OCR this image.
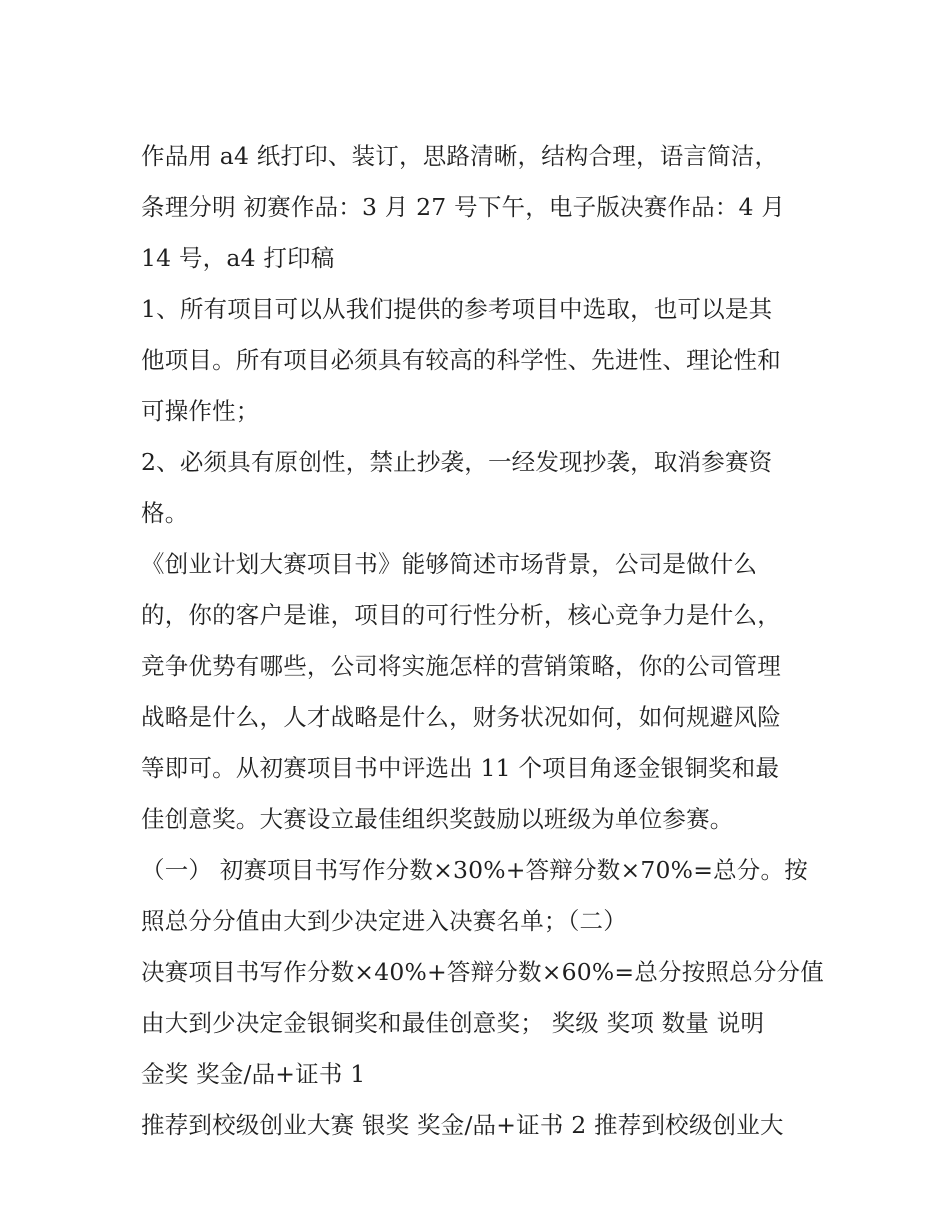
作品用 a4 纸打印、装订，思路清晰，结构合理，语言简洁，
条理分明 初赛作品：3 月 27 号下午，电子版决赛作品：4 月
14 号，a4 打印稿
1、所有项目可以从我们提供的参考项目中选取，也可以是其
他项目。所有项目必须具有较高的科学性、先进性、理论性和
可操作性；
2、必须具有原创性，禁止抄袭，一经发现抄袭，取消参赛资
格。
《创业计划大赛项目书》能够简述市场背景，公司是做什么
的，你的客户是谁，项目的可行性分析，核心竞争力是什么，
竞争优势有哪些，公司将实施怎样的营销策略，你的公司管理
战略是什么，人才战略是什么，财务状况如何，如何规避风险
等即可。从初赛项目书中评选出 11 个项目角逐金银铜奖和最
佳创意奖。大赛设立最佳组织奖鼓励以班级为单位参赛。
（一） 初赛项目书写作分数×30%+答辩分数×70%=总分。按
照总分分值由大到少决定进入决赛名单；（二）
决赛项目书写作分数×40%+答辩分数×60%=总分按照总分分值
由大到少决定金银铜奖和最佳创意奖； 奖级 奖项 数量 说明
金奖 奖金/品+证书 1
推荐到校级创业大赛 银奖 奖金/品+证书 2 推荐到校级创业大
